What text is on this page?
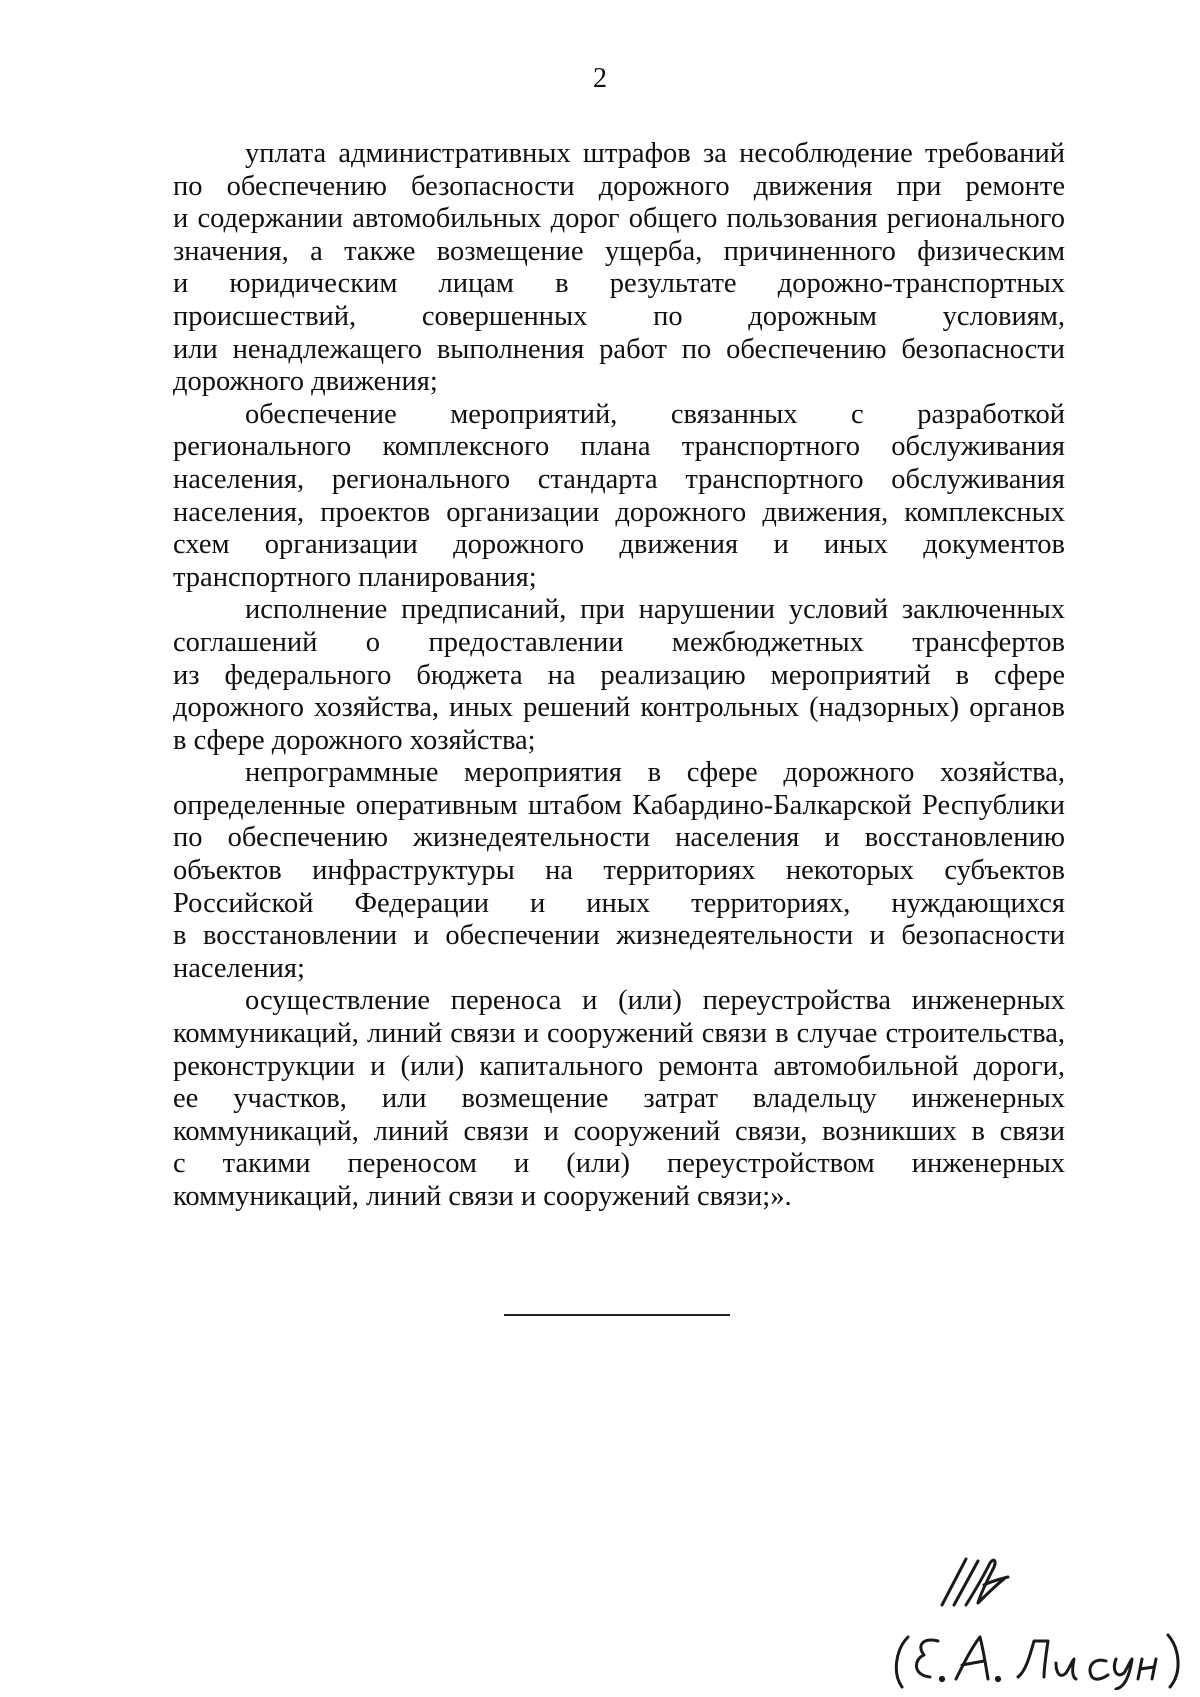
2
уплата административных штрафов за несоблюдение требований
по обеспечению безопасности дорожного движения при ремонте
и содержании автомобильных дорог общего пользования регионального
значения, а также возмещение ущерба, причиненного физическим
и юридическим лицам в результате дорожно-транспортных
происшествий, совершенных по дорожным условиям,
или ненадлежащего выполнения работ по обеспечению безопасности
дорожного движения;
обеспечение мероприятий, связанных с разработкой
регионального комплексного плана транспортного обслуживания
населения, регионального стандарта транспортного обслуживания
населения, проектов организации дорожного движения, комплексных
схем организации дорожного движения и иных документов
транспортного планирования;
исполнение предписаний, при нарушении условий заключенных
соглашений о предоставлении межбюджетных трансфертов
из федерального бюджета на реализацию мероприятий в сфере
дорожного хозяйства, иных решений контрольных (надзорных) органов
в сфере дорожного хозяйства;
непрограммные мероприятия в сфере дорожного хозяйства,
определенные оперативным штабом Кабардино-Балкарской Республики
по обеспечению жизнедеятельности населения и восстановлению
объектов инфраструктуры на территориях некоторых субъектов
Российской Федерации и иных территориях, нуждающихся
в восстановлении и обеспечении жизнедеятельности и безопасности
населения;
осуществление переноса и (или) переустройства инженерных
коммуникаций, линий связи и сооружений связи в случае строительства,
реконструкции и (или) капитального ремонта автомобильной дороги,
ее участков, или возмещение затрат владельцу инженерных
коммуникаций, линий связи и сооружений связи, возникших в связи
с такими переносом и (или) переустройством инженерных
коммуникаций, линий связи и сооружений связи;».
